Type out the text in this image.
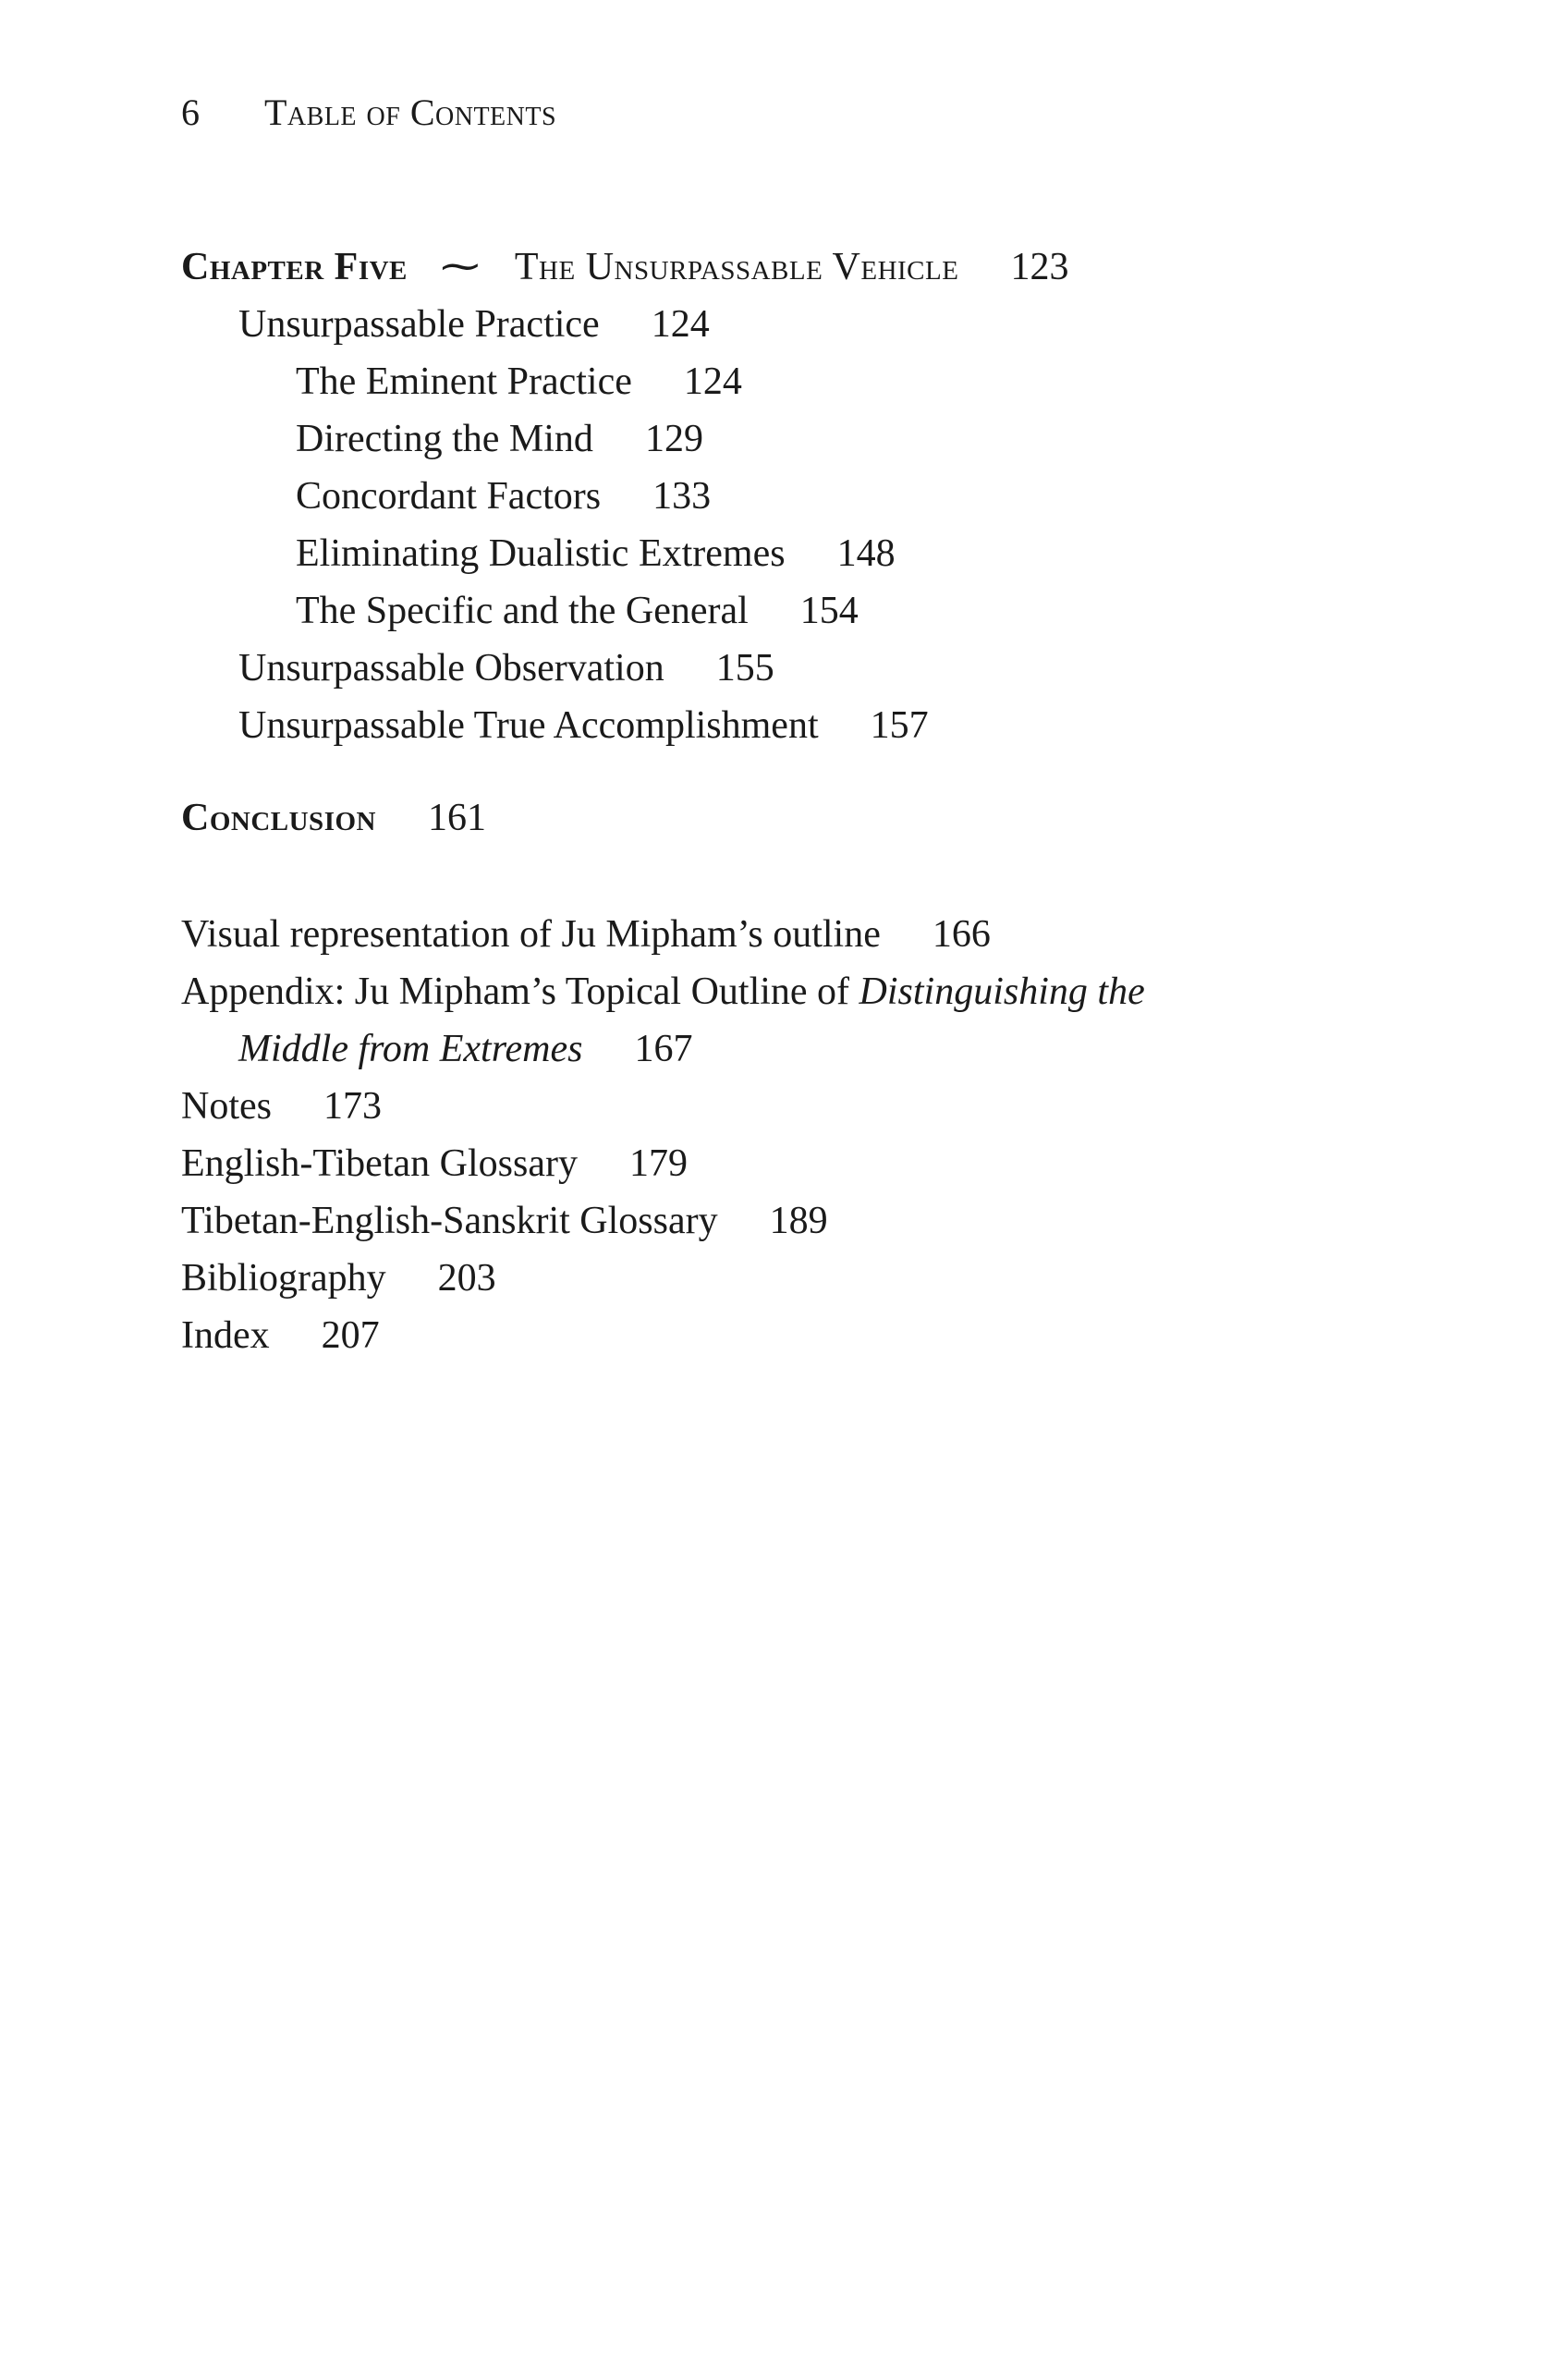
6 Table of Contents
Chapter Five ⁓ The Unsurpassable Vehicle 123
Unsurpassable Practice 124
The Eminent Practice 124
Directing the Mind 129
Concordant Factors 133
Eliminating Dualistic Extremes 148
The Specific and the General 154
Unsurpassable Observation 155
Unsurpassable True Accomplishment 157
Conclusion 161
Visual representation of Ju Mipham’s outline 166
Appendix: Ju Mipham’s Topical Outline of Distinguishing the
Middle from Extremes 167
Notes 173
English-Tibetan Glossary 179
Tibetan-English-Sanskrit Glossary 189
Bibliography 203
Index 207
